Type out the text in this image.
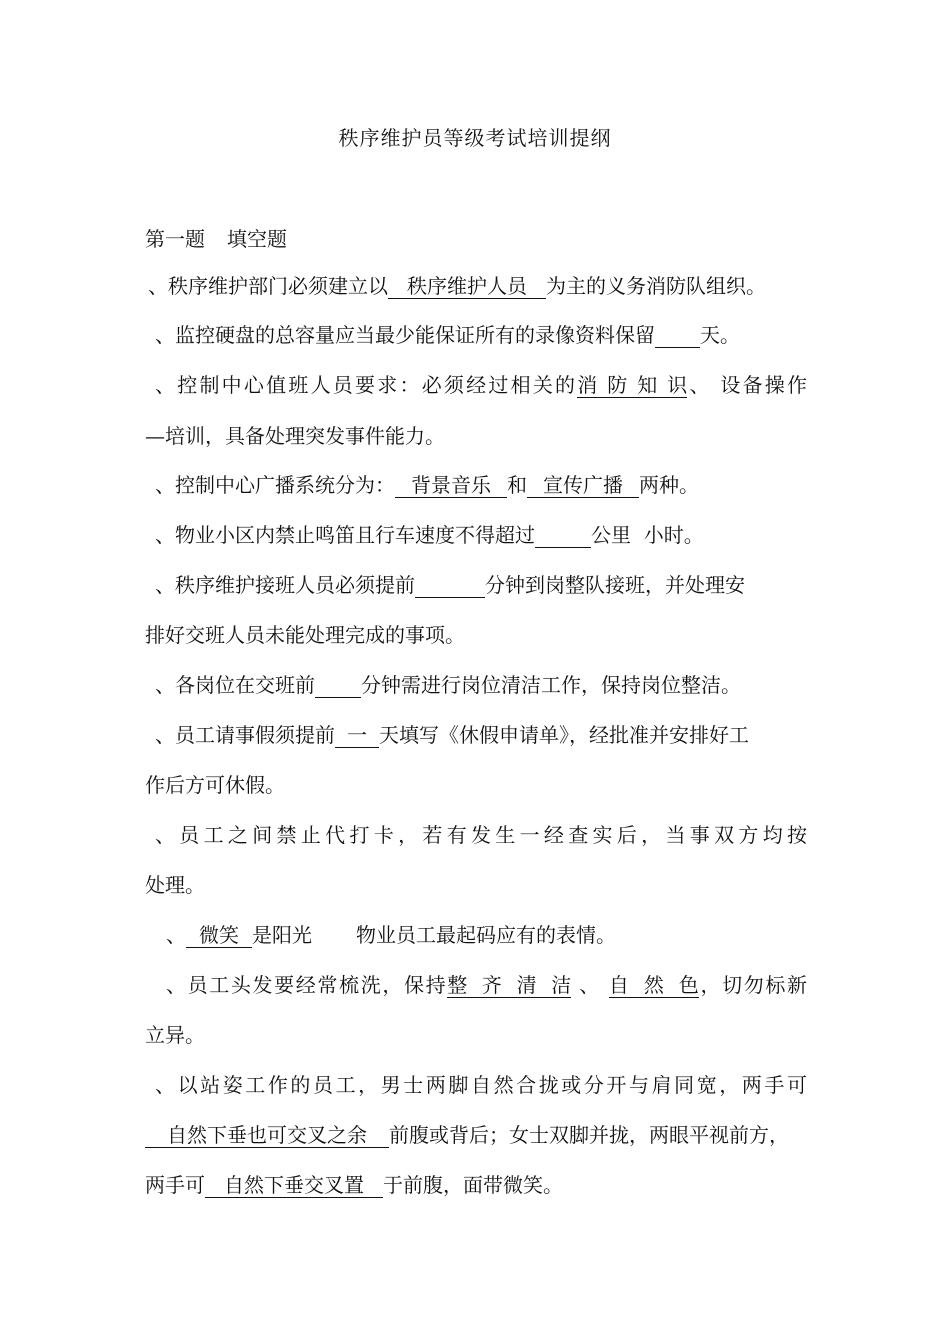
秩序维护员等级考试培训提纲
第一题 填空题
、秩序维护部门必须建立以 秩序维护人员 为主的义务消防队组织。
、监控硬盘的总容量应当最少能保证所有的录像资料保留 天。
、控制中心值班人员要求：必须经过相关的消防知识、 设备操作
—培训，具备处理突发事件能力。
、控制中心广播系统分为： 背景音乐 和 宣传广播 两种。
、物业小区内禁止鸣笛且行车速度不得超过	公里 小时。
、秩序维护接班人员必须提前	分钟到岗整队接班，并处理安
排好交班人员未能处理完成的事项。
、各岗位在交班前 分钟需进行岗位清洁工作，保持岗位整洁。
、员工请事假须提前 一 天填写《休假申请单》，经批准并安排好工
作后方可休假。
、员工之间禁止代打卡，若有发生一经查实后，当事双方均按
处理。
、 微笑 是阳光 物业员工最起码应有的表情。
、员工头发要经常梳洗，保持整齐清洁 、 自然色，切勿标新
立异。
、以站姿工作的员工，男士两脚自然合拢或分开与肩同宽，两手可
自然下垂也可交叉之余 前腹或背后；女士双脚并拢，两眼平视前方，
两手可 自然下垂交叉置 于前腹，面带微笑。
